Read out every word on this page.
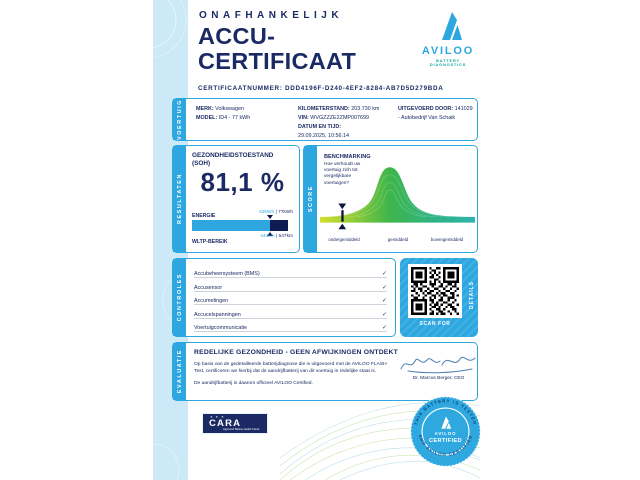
ONAFHANKELIJK
ACCU-
CERTIFICAAT
CERTIFICAATNUMMER: DDD4196F-D240-4EF2-8284-AB7D5D279BDA
AVILOO
BATTERY DIAGNOSTICS
VOERTUIG	MERK: Volkswagen
MODEL: ID4 - 77 kWh
KILOMETERSTAND: 203.730 km
VIN: WVGZZZE2ZMP007699
DATUM EN TIJD:
29.09.2025, 10:56:14
UITGEVOERD DOOR: 141029 - Autobedrijf Van Schaik
RESULTATEN
GEZONDHEIDSTOESTAND
(SOH)
81,1 %
ENERGIE
62kWh | 77kWh
444km | 547km
WLTP-BEREIK
SCORE
BENCHMARKING
Hoe verhoudt uw voertuig zich tot vergelijkbare voertuigen?
ondergemiddeld	gemiddeld	bovengemiddeld
CONTROLES Accubeheersysteem (BMS)	✓
Accusensor	✓
Accumetingen	✓
Accucelspanningen	✓
Voertuigcommunicatie	✓
SCAN FOR
DETAILS
EVALUATIE REDELIJKE GEZONDHEID - GEEN AFWIJKINGEN ONTDEKT
Op basis van de gedetailleerde batterijdiagnose die is uitgevoerd met de AVILOO FLASH Test, certificeren we hierbij dat de aandrijfbatterij van dit voertuig in redelijke staat is.
De aandrijfbatterij is daarom officieel AVILOO Certified.
Dr. Marcus Berger, CEO
✶ ✶ ✶
CARA
Approved Battery Health Check
THIS BATTERY IS TESTED
AND AVILOO CERTIFIED
AVILOO
CERTIFIED
